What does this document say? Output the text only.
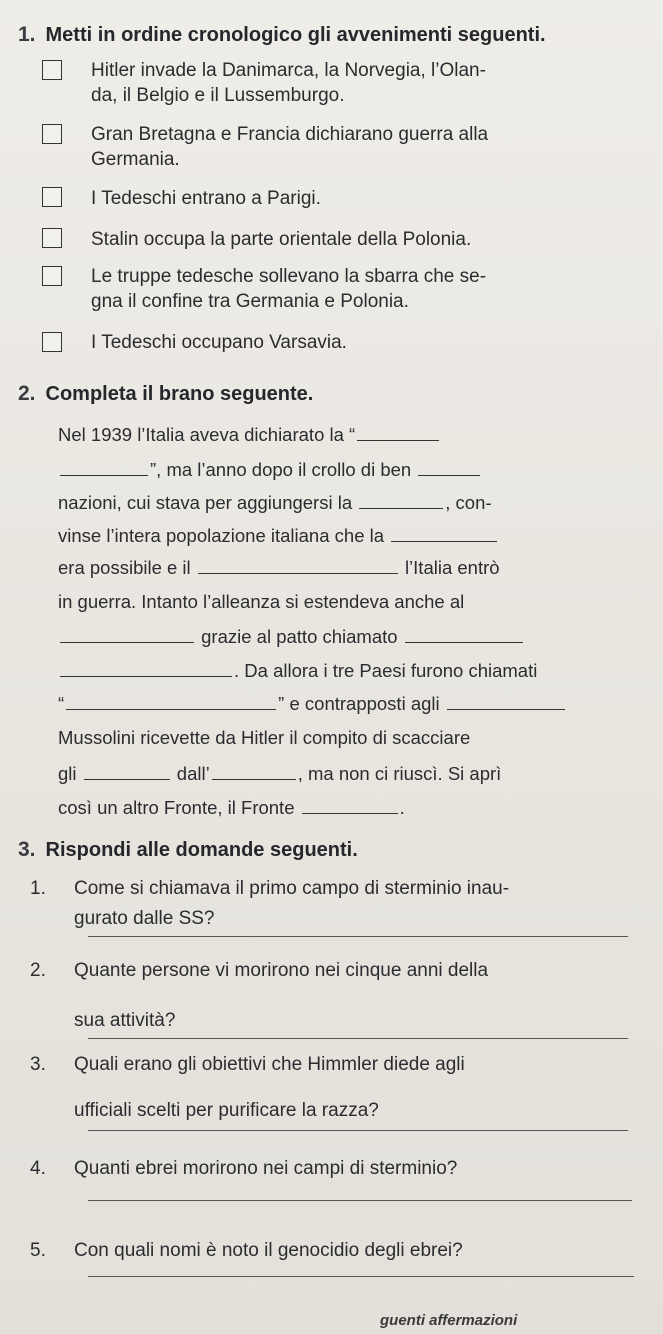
1. Metti in ordine cronologico gli avvenimenti seguenti.
Hitler invade la Danimarca, la Norvegia, l’Olan-
da, il Belgio e il Lussemburgo.
Gran Bretagna e Francia dichiarano guerra alla
Germania.
I Tedeschi entrano a Parigi.
Stalin occupa la parte orientale della Polonia.
Le truppe tedesche sollevano la sbarra che se-
gna il confine tra Germania e Polonia.
I Tedeschi occupano Varsavia.
2. Completa il brano seguente.
Nel 1939 l’Italia aveva dichiarato la “
”, ma l’anno dopo il crollo di ben
nazioni, cui stava per aggiungersi la	, con-
vinse l’intera popolazione italiana che la
era possibile e il	l’Italia entrò
in guerra. Intanto l’alleanza si estendeva anche al
grazie al patto chiamato
. Da allora i tre Paesi furono chiamati
“	” e contrapposti agli
Mussolini ricevette da Hitler il compito di scacciare
gli	dall’	, ma non ci riuscì. Si aprì
così un altro Fronte, il Fronte	.
3. Rispondi alle domande seguenti.
1. Come si chiamava il primo campo di sterminio inau-
gurato dalle SS?
2. Quante persone vi morirono nei cinque anni della
sua attività?
3. Quali erano gli obiettivi che Himmler diede agli
ufficiali scelti per purificare la razza?
4. Quanti ebrei morirono nei campi di sterminio?
5. Con quali nomi è noto il genocidio degli ebrei?
guenti affermazioni
